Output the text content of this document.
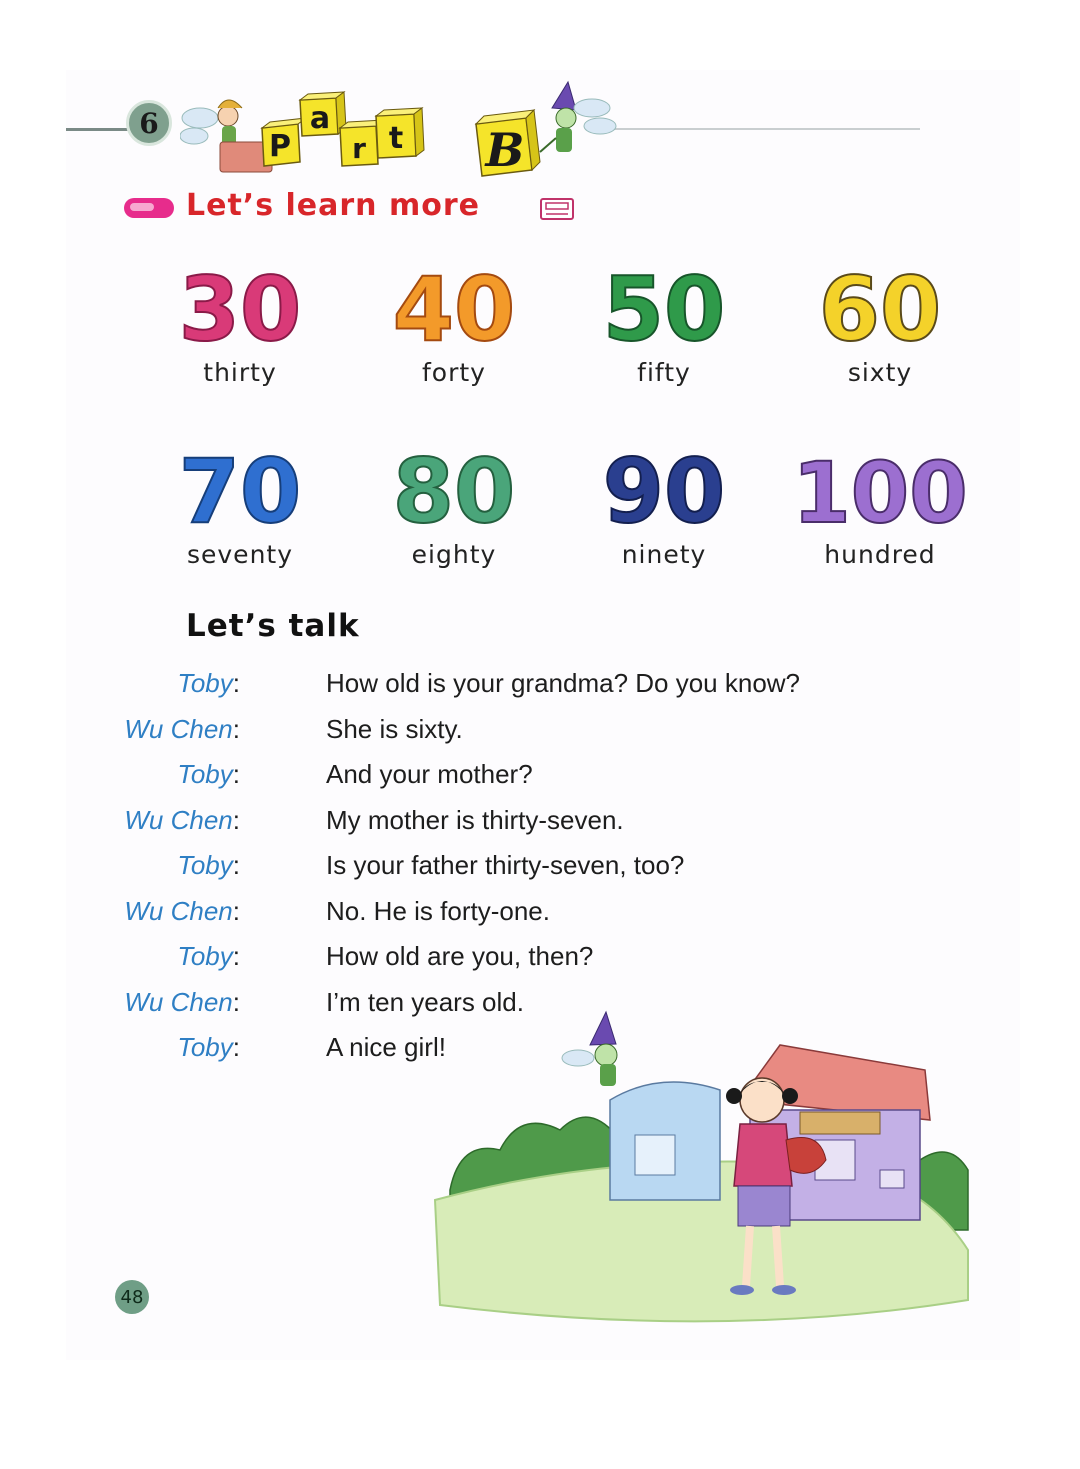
6
P
a
r t B
Let’s learn more
30
thirty
40
forty
50
fifty
60
sixty
70
seventy
80
eighty
90
ninety
100
hundred
Let’s talk
Toby:	How old is your grandma? Do you know?
Wu Chen:	She is sixty.
Toby:	And your mother?
Wu Chen:	My mother is thirty-seven.
Toby:	Is your father thirty-seven, too?
Wu Chen:	No. He is forty-one.
Toby:	How old are you, then?
Wu Chen:	I’m ten years old.
Toby:	A nice girl!
48
